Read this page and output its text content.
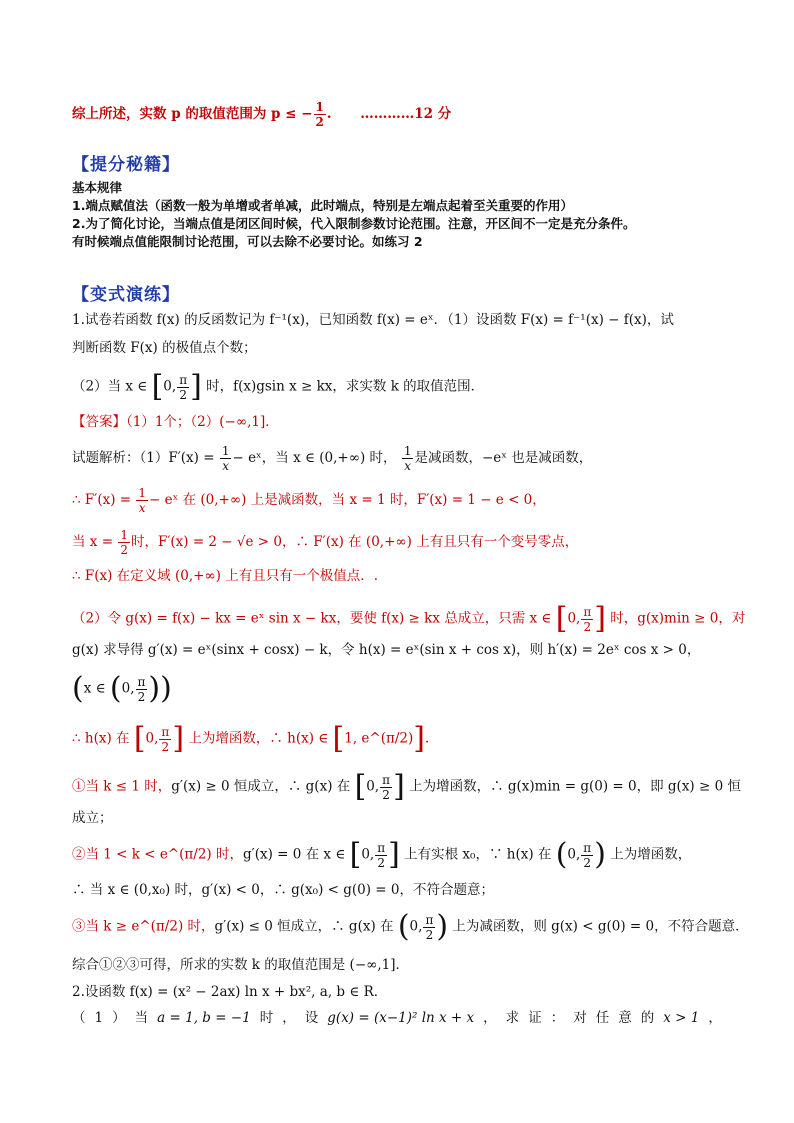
综上所述，实数 p 的取值范围为 p ≤ − $\frac{1}{2}$ . …………12 分
【提分秘籍】
基本规律
1.端点赋值法（函数一般为单增或者单减，此时端点，特别是左端点起着至关重要的作用）
2.为了简化讨论，当端点值是闭区间时候，代入限制参数讨论范围。注意，开区间不一定是充分条件。
有时候端点值能限制讨论范围，可以去除不必要讨论。如练习 2
【变式演练】
1.试卷若函数 f(x) 的反函数记为 f⁻¹(x)，已知函数 f(x) = eˣ．（1）设函数 F(x) = f⁻¹(x) − f(x)，试
判断函数 F(x) 的极值点个数；
（2）当 x ∈ [0, $\frac{\pi}{2}$ ] 时，f(x)gsin x ≥ kx，求实数 k 的取值范围．
【答案】（1）1个；（2）(−∞,1]．
试题解析：$(1)F'(x) = \frac{1}{x}$ − eˣ，当 x ∈ (0,+∞) 时， $\frac{1}{x}$ 是减函数，−eˣ 也是减函数，
∴ $F'(x) = \frac{1}{x}$ − eˣ 在 (0,+∞) 上是减函数，当 x = 1 时，F′(x) = 1 − e < 0，
当 $x = \frac{1}{2}$ 时，F′(x) = 2 − √e > 0，∴ F′(x) 在 (0,+∞) 上有且只有一个变号零点，
∴ F(x) 在定义域 (0,+∞) 上有且只有一个极值点．.
（2）令 g(x) = f(x) − kx = eˣ sin x − kx，要使 f(x) ≥ kx 总成立，只需 x ∈ [0, $\frac{\pi}{2}$ ] 时，g(x)min ≥ 0，对
g(x) 求导得 g′(x) = eˣ(sinx + cosx) − k，令 h(x) = eˣ(sin x + cos x)，则 h′(x) = 2eˣ cos x > 0，
(x ∈ (0, $\frac{\pi}{2}$ ))
∴ h(x) 在 [0, $\frac{\pi}{2}$ ] 上为增函数，∴ h(x) ∈ [1, e^(π/2)]．
①当 k ≤ 1 时，g′(x) ≥ 0 恒成立，∴ g(x) 在 [0, $\frac{\pi}{2}$ ] 上为增函数，∴ g(x)min = g(0) = 0，即 g(x) ≥ 0 恒
成立；
②当 1 < k < e^(π/2) 时，g′(x) = 0 在 x ∈ [0, $\frac{\pi}{2}$ ] 上有实根 x₀，∵ h(x) 在 (0, $\frac{\pi}{2}$ ) 上为增函数，
∴ 当 x ∈ (0,x₀) 时，g′(x) < 0，∴ g(x₀) < g(0) = 0，不符合题意；
③当 k ≥ e^(π/2) 时，g′(x) ≤ 0 恒成立，∴ g(x) 在 (0, $\frac{\pi}{2}$ ) 上为减函数，则 g(x) < g(0) = 0，不符合题意．
综合①②③可得，所求的实数 k 的取值范围是 (−∞,1]．
2.设函数 f(x) = (x² − 2ax) ln x + bx², a, b ∈ R．
（ 1 ） 当 a = 1, b = −1 时 ， 设 g(x) = (x−1)² ln x + x ， 求 证 ： 对 任 意 的 x > 1 ，
